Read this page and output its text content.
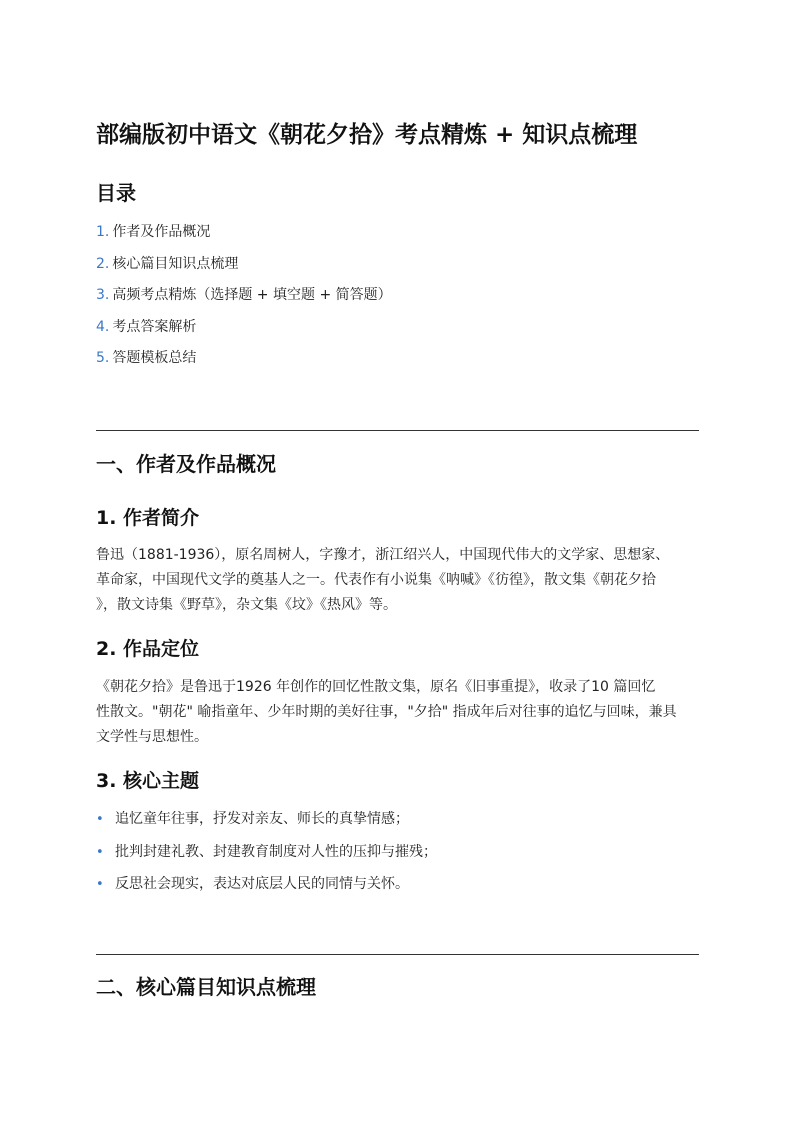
部编版初中语文《朝花夕拾》考点精炼 + 知识点梳理
目录
1. 作者及作品概况
2. 核心篇目知识点梳理
3. 高频考点精炼（选择题 + 填空题 + 简答题）
4. 考点答案解析
5. 答题模板总结
一、作者及作品概况
1. 作者简介
鲁迅（1881-1936），原名周树人，字豫才，浙江绍兴人，中国现代伟大的文学家、思想家、
革命家，中国现代文学的奠基人之一。代表作有小说集《呐喊》《彷徨》，散文集《朝花夕拾
》，散文诗集《野草》，杂文集《坟》《热风》等。
2. 作品定位
《朝花夕拾》是鲁迅于1926 年创作的回忆性散文集，原名《旧事重提》，收录了10 篇回忆
性散文。"朝花" 喻指童年、少年时期的美好往事，"夕拾" 指成年后对往事的追忆与回味，兼具
文学性与思想性。
3. 核心主题
• 追忆童年往事，抒发对亲友、师长的真挚情感；
• 批判封建礼教、封建教育制度对人性的压抑与摧残；
• 反思社会现实，表达对底层人民的同情与关怀。
二、核心篇目知识点梳理
